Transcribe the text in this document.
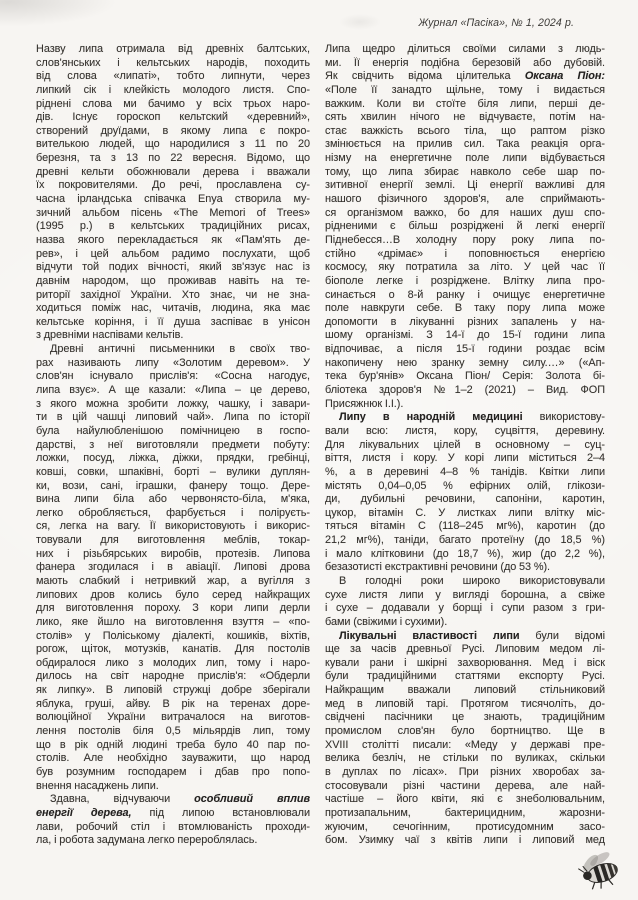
Журнал «Пасіка», № 1, 2024 р.
Назву липа отримала від древніх балтських,
слов'янських і кельтських народів, походить
від слова «липаті», тобто липнути, через
липкий сік і клейкість молодого листя. Спо-
ріднені слова ми бачимо у всіх трьох наро-
дів. Існує гороскоп кельтский «деревний»,
створений друїдами, в якому липа є покро-
вителькою людей, що народилися з 11 по 20
березня, та з 13 по 22 вересня. Відомо, що
древні кельти обожнювали дерева і вважали
їх покровителями. До речі, прославлена су-
часна ірландська співачка Enya створила му-
зичний альбом пісень «The Memori of Trees»
(1995 р.) в кельтських традиційних рисах,
назва якого перекладається як «Пам'ять де-
рев», і цей альбом радимо послухати, щоб
відчути той подих вічності, який зв'язує нас із
давнім народом, що проживав навіть на те-
риторії західної України. Хто знає, чи не зна-
ходиться поміж нас, читачів, людина, яка має
кельтське коріння, і її душа заспіває в унісон
з древніми наспівами кельтів.
Древні античні письменники в своїх тво-
рах називають липу «Золотим деревом». У
слов'ян існувало прислів'я: «Сосна нагодує,
липа взує». А ще казали: «Липа – це дерево,
з якого можна зробити ложку, чашку, і завари-
ти в цій чашці липовий чай». Липа по історії
була найулюбленішою помічницею в госпо-
дарстві, з неї виготовляли предмети побуту:
ложки, посуд, ліжка, діжки, прядки, гребінці,
ковші, совки, шпаківні, борті – вулики дуплян-
ки, вози, сані, іграшки, фанеру тощо. Дере-
вина липи біла або червонясто-біла, м'яка,
легко обробляється, фарбується і поліруєть-
ся, легка на вагу. Її використовують і викорис-
товували для виготовлення меблів, токар-
них і різьбярських виробів, протезів. Липова
фанера згодилася і в авіації. Липові дрова
мають слабкий і нетривкий жар, а вугілля з
липових дров колись було серед найкращих
для виготовлення пороху. З кори липи дерли
лико, яке йшло на виготовлення взуття – «по-
столів» у Поліському діалекті, кошиків, віхтів,
рогож, щіток, мотузків, канатів. Для постолів
обдиралося лико з молодих лип, тому і наро-
дилось на світ народне прислів'я: «Обдерли
як липку». В липовій стружці добре зберігали
яблука, груші, айву. В рік на теренах доре-
волюційної України витрачалося на виготов-
лення постолів біля 0,5 мільярдів лип, тому
що в рік одній людині треба було 40 пар по-
столів. Але необхідно зауважити, що народ
був розумним господарем і дбав про попо-
внення насаджень липи.
Здавна, відчуваючи особливий вплив
енергії дерева, під липою встановлювали
лави, робочий стіл і втомлюваність проходи-
ла, і робота задумана легко перероблялась.
Липа щедро ділиться своїми силами з людь-
ми. Її енергія подібна березовій або дубовій.
Як свідчить відома цілителька Оксана Піон:
«Поле її занадто щільне, тому і видається
важким. Коли ви стоїте біля липи, перші де-
сять хвилин нічого не відчуваєте, потім на-
стає важкість всього тіла, що раптом різко
змінюється на прилив сил. Така реакція орга-
нізму на енергетичне поле липи відбувається
тому, що липа збирає навколо себе шар по-
зитивної енергії землі. Ці енергії важливі для
нашого фізичного здоров'я, але сприймають-
ся організмом важко, бо для наших душ спо-
рідненими є більш розріджені й легкі енергії
Піднебесся…В холодну пору року липа по-
стійно «дрімає» і поповнюється енергією
космосу, яку потратила за літо. У цей час її
біополе легке і розріджене. Влітку липа про-
синається о 8-й ранку і очищує енергетичне
поле навкруги себе. В таку пору липа може
допомогти в лікуванні різних запалень у на-
шому організмі. З 14-ї до 15-ї години липа
відпочиває, а після 15-ї години роздає всім
накопичену нею зранку земну силу.…» («Ап-
тека бур'янів» Оксана Піон/ Серія: Золота бі-
бліотека здоров'я №1–2 (2021) – Вид. ФОП
Присяжнюк І.І.).
Липу в народній медицині використову-
вали всю: листя, кору, суцвіття, деревину.
Для лікувальних цілей в основному – суц-
віття, листя і кору. У корі липи міститься 2–4
%, а в деревині 4–8 % танідів. Квітки липи
містять 0,04–0,05 % ефірних олій, глікози-
ди, дубильні речовини, сапоніни, каротин,
цукор, вітамін С. У листках липи влітку міс-
тяться вітамін С (118–245 мг%), каротин (до
21,2 мг%), таніди, багато протеїну (до 18,5 %)
і мало клітковини (до 18,7 %), жир (до 2,2 %),
безазотисті екстрактивні речовини (до 53 %).
В голодні роки широко використовували
сухе листя липи у вигляді борошна, а свіже
і сухе – додавали у борщі і супи разом з гри-
бами (свіжими і сухими).
Лікувальні властивості липи були відомі
ще за часів древньої Русі. Липовим медом лі-
кували рани і шкірні захворювання. Мед і віск
були традиційними статтями експорту Русі.
Найкращим вважали липовий стільниковий
мед в липовій тарі. Протягом тисячоліть, до-
свідчені пасічники це знають, традиційним
промислом слов'ян було бортництво. Ще в
XVIII столітті писали: «Меду у державі пре-
велика безліч, не стільки по вуликах, скільки
в дуплах по лісах». При різних хворобах за-
стосовували різні частини дерева, але най-
частіше – його квіти, які є знеболювальним,
протизапальним, бактерицидним, жарозни-
жуючим, сечогінним, протисудомним засо-
бом. Узимку чаї з квітів липи і липовий мед
